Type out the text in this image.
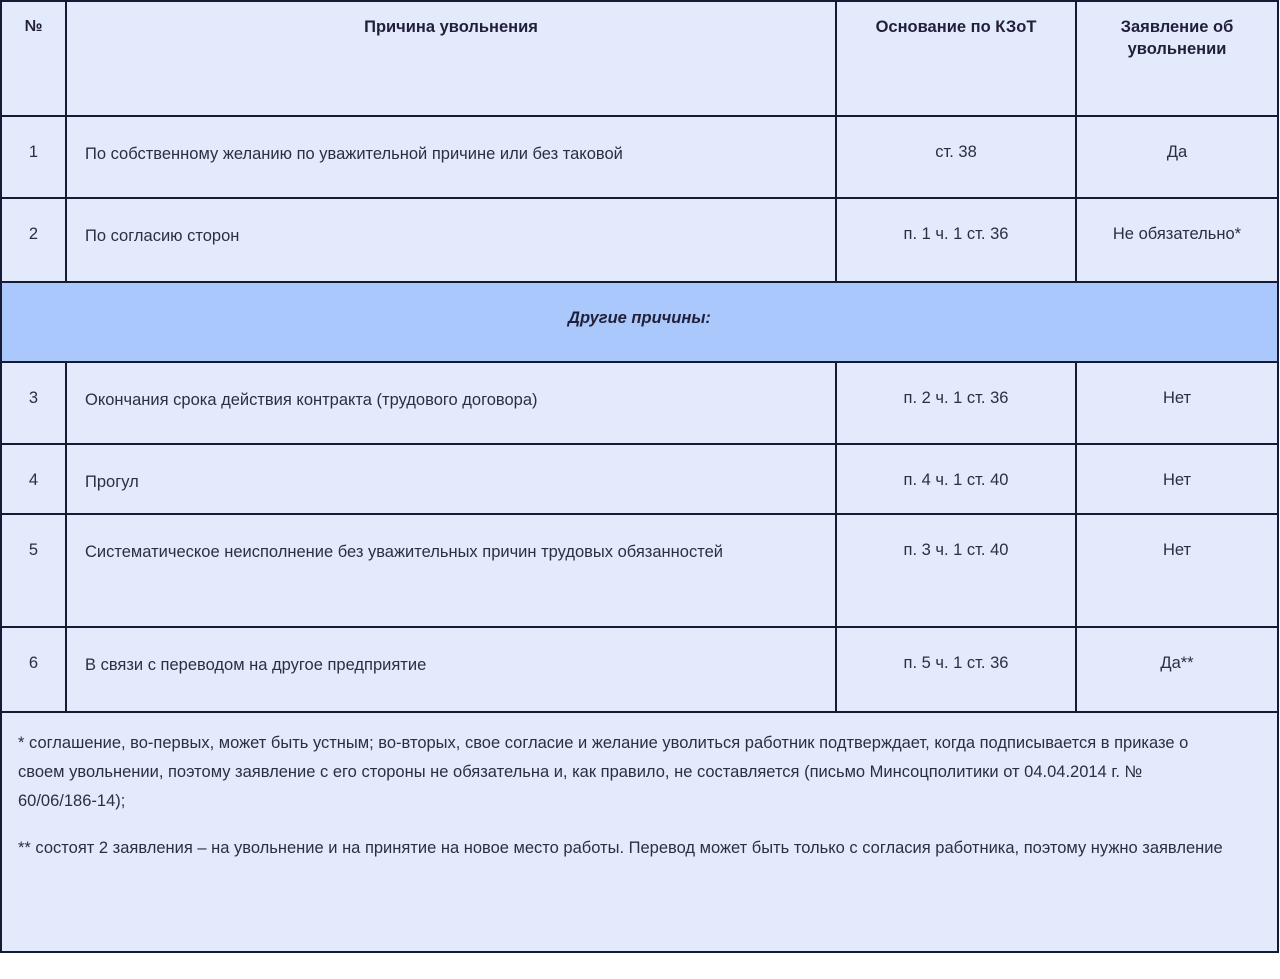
№	Причина увольнения	Основание по КЗоТ	Заявление об увольнении
1	По собственному желанию по уважительной причине или без таковой	ст. 38	Да
2	По согласию сторон	п. 1 ч. 1 ст. 36	Не обязательно*
Другие причины:			
3	Окончания срока действия контракта (трудового договора)	п. 2 ч. 1 ст. 36	Нет
4	Прогул	п. 4 ч. 1 ст. 40	Нет
5	Систематическое неисполнение без уважительных причин трудовых обязанностей	п. 3 ч. 1 ст. 40	Нет
6	В связи с переводом на другое предприятие	п. 5 ч. 1 ст. 36	Да**

* соглашение, во-первых, может быть устным; во-вторых, свое согласие и желание уволиться работник подтверждает, когда подписывается в приказе о своем увольнении, поэтому заявление с его стороны не обязательна и, как правило, не составляется (письмо Минсоцполитики от 04.04.2014 г. № 60/06/186-14);

** состоят 2 заявления – на увольнение и на принятие на новое место работы. Перевод может быть только с согласия работника, поэтому нужно заявление			
